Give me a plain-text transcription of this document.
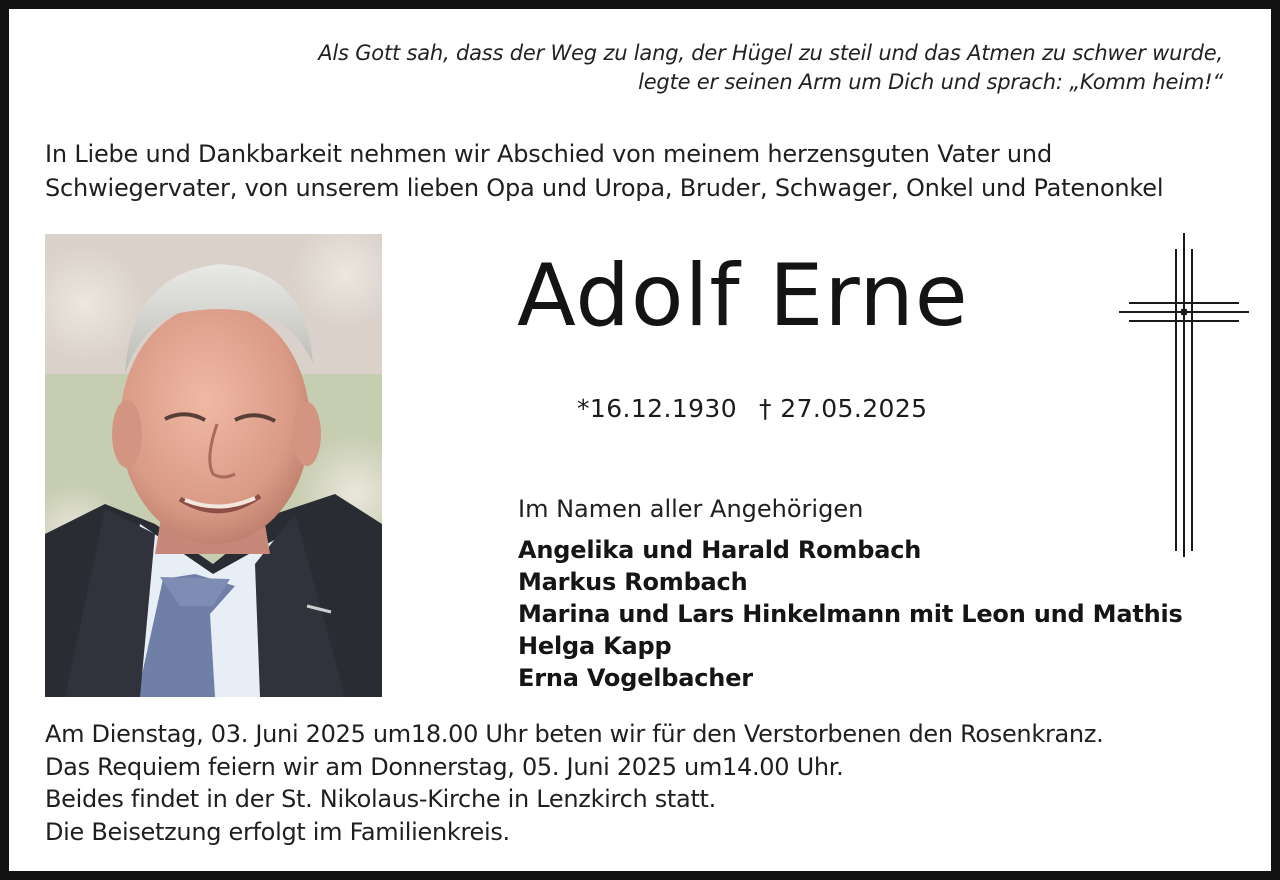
Als Gott sah, dass der Weg zu lang, der Hügel zu steil und das Atmen zu schwer wurde,
legte er seinen Arm um Dich und sprach: „Komm heim!“
In Liebe und Dankbarkeit nehmen wir Abschied von meinem herzensguten Vater und
Schwiegervater, von unserem lieben Opa und Uropa, Bruder, Schwager, Onkel und Patenonkel
Adolf Erne
*16.12.1930 † 27.05.2025
Im Namen aller Angehörigen
Angelika und Harald Rombach
Markus Rombach
Marina und Lars Hinkelmann mit Leon und Mathis
Helga Kapp
Erna Vogelbacher
Am Dienstag, 03. Juni 2025 um18.00 Uhr beten wir für den Verstorbenen den Rosenkranz.
Das Requiem feiern wir am Donnerstag, 05. Juni 2025 um14.00 Uhr.
Beides findet in der St. Nikolaus-Kirche in Lenzkirch statt.
Die Beisetzung erfolgt im Familienkreis.
